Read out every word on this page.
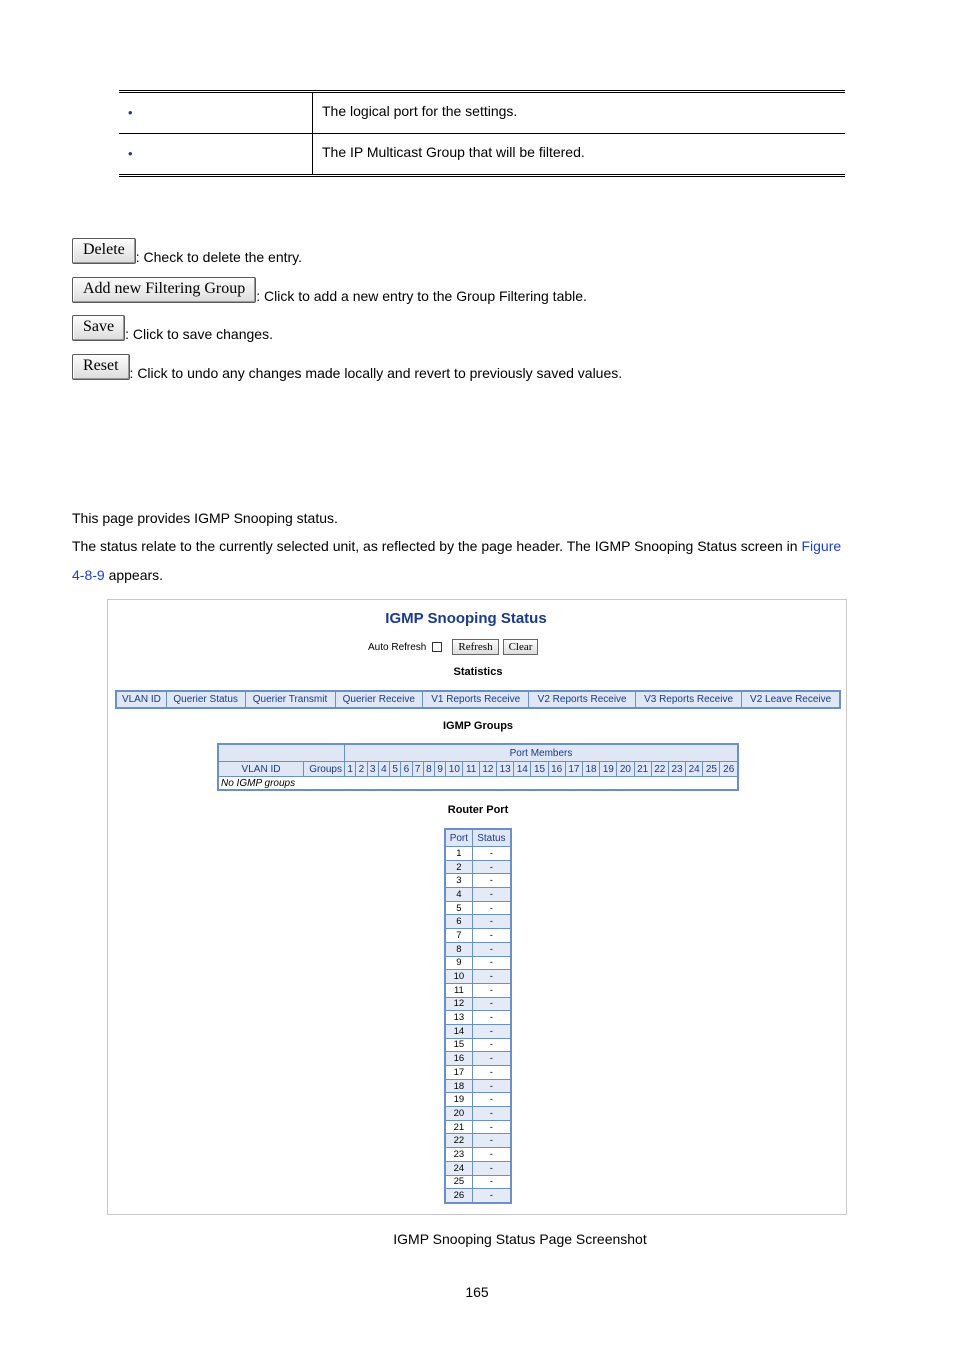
•	The logical port for the settings.
•	The IP Multicast Group that will be filtered.
Delete : Check to delete the entry.
Add new Filtering Group : Click to add a new entry to the Group Filtering table.
Save : Click to save changes.
Reset : Click to undo any changes made locally and revert to previously saved values.
This page provides IGMP Snooping status.
The status relate to the currently selected unit, as reflected by the page header. The IGMP Snooping Status screen in Figure
4-8-9 appears.
IGMP Snooping Status
Auto Refresh	Refresh	Clear
Statistics
VLAN ID	Querier Status	Querier Transmit	Querier Receive	V1 Reports Receive	V2 Reports Receive	V3 Reports Receive	V2 Leave Receive
IGMP Groups
		Port Members																									
VLAN ID	Groups	1	2	3	4	5	6	7	8	9	10	11	12	13	14	15	16	17	18	19	20	21	22	23	24	25	26
No IGMP groups																											
Router Port
Port	Status
1	-
2	-
3	-
4	-
5	-
6	-
7	-
8	-
9	-
10	-
11	-
12	-
13	-
14	-
15	-
16	-
17	-
18	-
19	-
20	-
21	-
22	-
23	-
24	-
25	-
26	-
IGMP Snooping Status Page Screenshot
165
